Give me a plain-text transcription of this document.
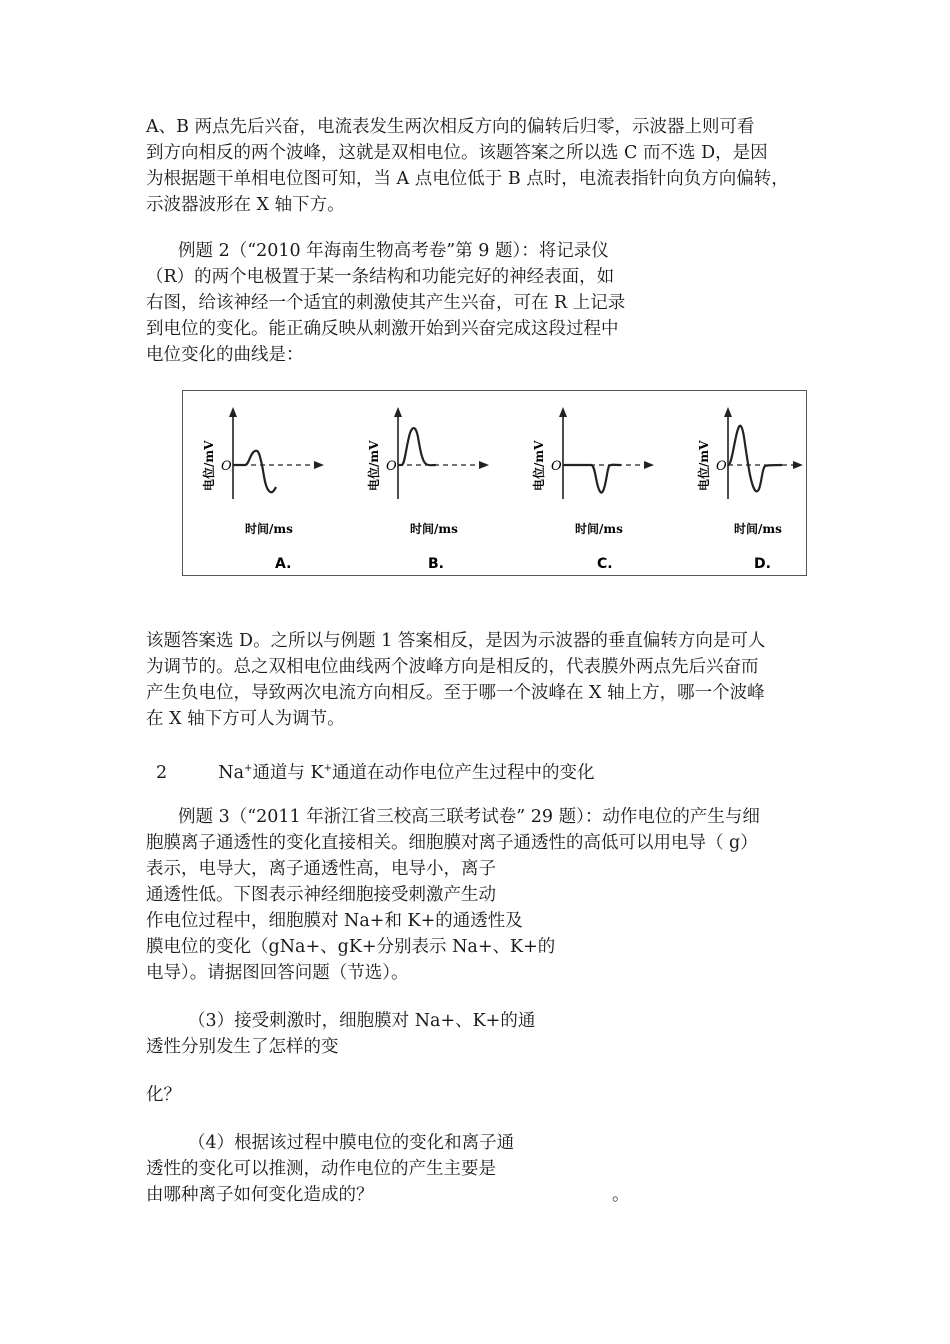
A、B 两点先后兴奋，电流表发生两次相反方向的偏转后归零，示波器上则可看
到方向相反的两个波峰，这就是双相电位。该题答案之所以选 C 而不选 D，是因
为根据题干单相电位图可知，当 A 点电位低于 B 点时，电流表指针向负方向偏转，
示波器波形在 X 轴下方。
例题 2（“2010 年海南生物高考卷”第 9 题）：将记录仪
（R）的两个电极置于某一条结构和功能完好的神经表面，如
右图，给该神经一个适宜的刺激使其产生兴奋，可在 R 上记录
到电位的变化。能正确反映从刺激开始到兴奋完成这段过程中
电位变化的曲线是：
O
电位/mV
时间/ms
A.
O
电位/mV
时间/ms
B.
O
电位/mV
时间/ms
C.
O
电位/mV
时间/ms
D.
该题答案选 D。之所以与例题 1 答案相反，是因为示波器的垂直偏转方向是可人
为调节的。总之双相电位曲线两个波峰方向是相反的，代表膜外两点先后兴奋而
产生负电位，导致两次电流方向相反。至于哪一个波峰在 X 轴上方，哪一个波峰
在 X 轴下方可人为调节。
2	Na+通道与 K+通道在动作电位产生过程中的变化
例题 3（“2011 年浙江省三校高三联考试卷” 29 题）：动作电位的产生与细
胞膜离子通透性的变化直接相关。细胞膜对离子通透性的高低可以用电导（ g）
表示，电导大，离子通透性高，电导小，离子
通透性低。下图表示神经细胞接受刺激产生动
作电位过程中，细胞膜对 Na+和 K+的通透性及
膜电位的变化（gNa+、gK+分别表示 Na+、K+的
电导）。请据图回答问题（节选）。
（3）接受刺激时，细胞膜对 Na+、K+的通
透性分别发生了怎样的变
化？
（4）根据该过程中膜电位的变化和离子通
透性的变化可以推测，动作电位的产生主要是
由哪种离子如何变化造成的？	。
